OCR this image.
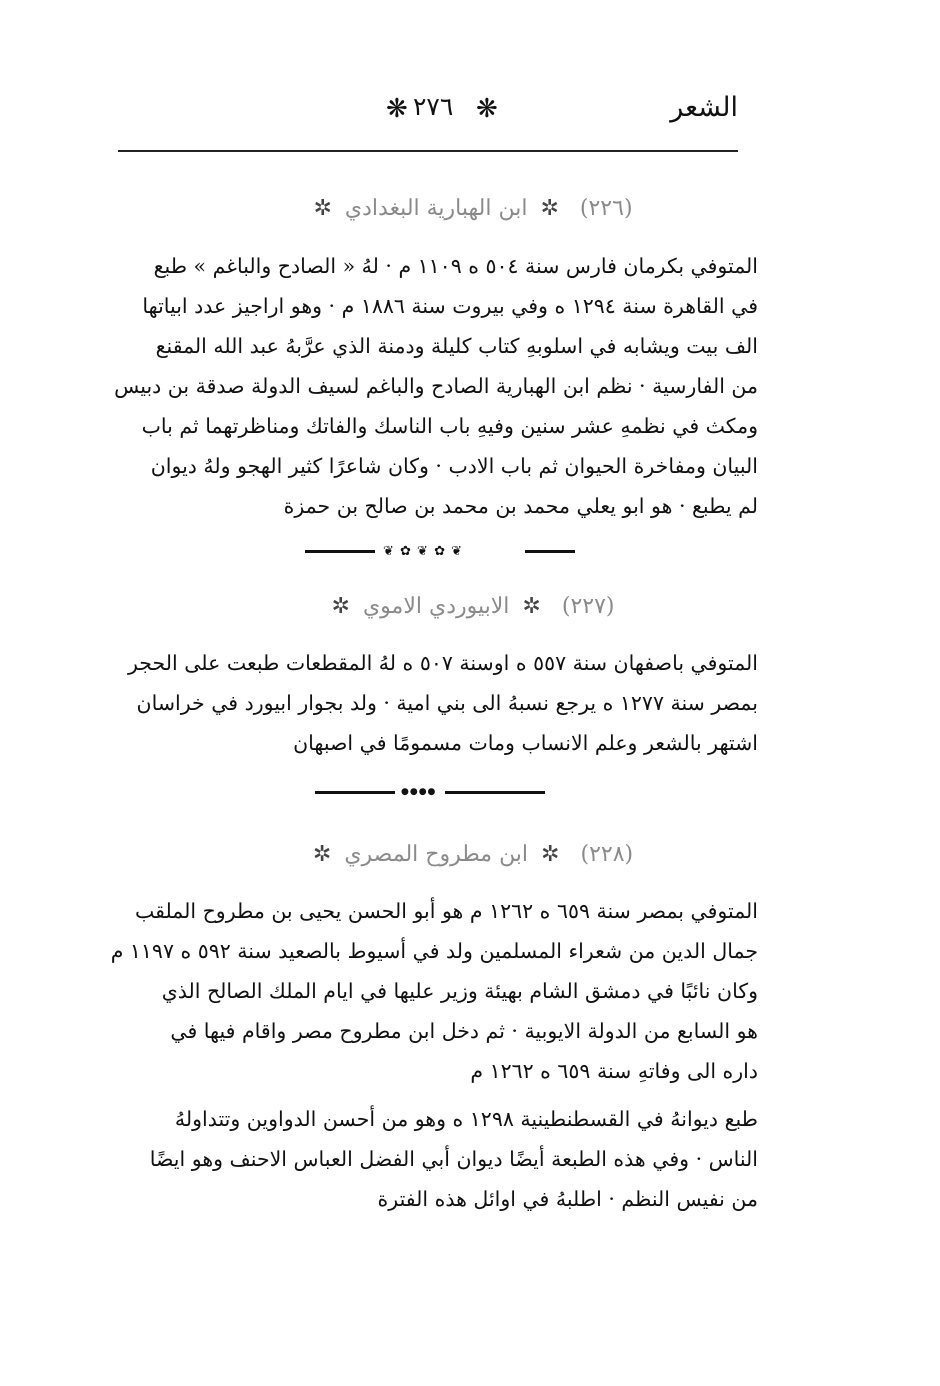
الشعر
❋ ٢٧٦ ❋
(٢٢٦) ✲ ابن الهبارية البغدادي ✲
المتوفي بكرمان فارس سنة ٥٠٤ ه ١١٠٩ م · لهُ « الصادح والباغم » طبع
في القاهرة سنة ١٢٩٤ ه وفي بيروت سنة ١٨٨٦ م · وهو اراجيز عدد ابياتها
الف بيت ويشابه في اسلوبهِ كتاب كليلة ودمنة الذي عرَّبهُ عبد الله المقنع
من الفارسية · نظم ابن الهبارية الصادح والباغم لسيف الدولة صدقة بن دبيس
ومكث في نظمهِ عشر سنين وفيهِ باب الناسك والفاتك ومناظرتهما ثم باب
البيان ومفاخرة الحيوان ثم باب الادب · وكان شاعرًا كثير الهجو ولهُ ديوان
لم يطبع · هو ابو يعلي محمد بن محمد بن صالح بن حمزة
❦ ✿ ❦ ✿ ❦
(٢٢٧) ✲ الابيوردي الاموي ✲
المتوفي باصفهان سنة ٥٥٧ ه اوسنة ٥٠٧ ه لهُ المقطعات طبعت على الحجر
بمصر سنة ١٢٧٧ ه يرجع نسبهُ الى بني امية · ولد بجوار ابيورد في خراسان
اشتهر بالشعر وعلم الانساب ومات مسمومًا في اصبهان
●●●●
(٢٢٨) ✲ ابن مطروح المصري ✲
المتوفي بمصر سنة ٦٥٩ ه ١٢٦٢ م هو أبو الحسن يحيى بن مطروح الملقب
جمال الدين من شعراء المسلمين ولد في أسيوط بالصعيد سنة ٥٩٢ ه ١١٩٧ م
وكان نائبًا في دمشق الشام بهيئة وزير عليها في ايام الملك الصالح الذي
هو السابع من الدولة الايوبية · ثم دخل ابن مطروح مصر واقام فيها في
داره الى وفاتهِ سنة ٦٥٩ ه ١٢٦٢ م
طبع ديوانهُ في القسطنطينية ١٢٩٨ ه وهو من أحسن الدواوين وتتداولهُ
الناس · وفي هذه الطبعة أيضًا ديوان أبي الفضل العباس الاحنف وهو ايضًا
من نفيس النظم · اطلبهُ في اوائل هذه الفترة
